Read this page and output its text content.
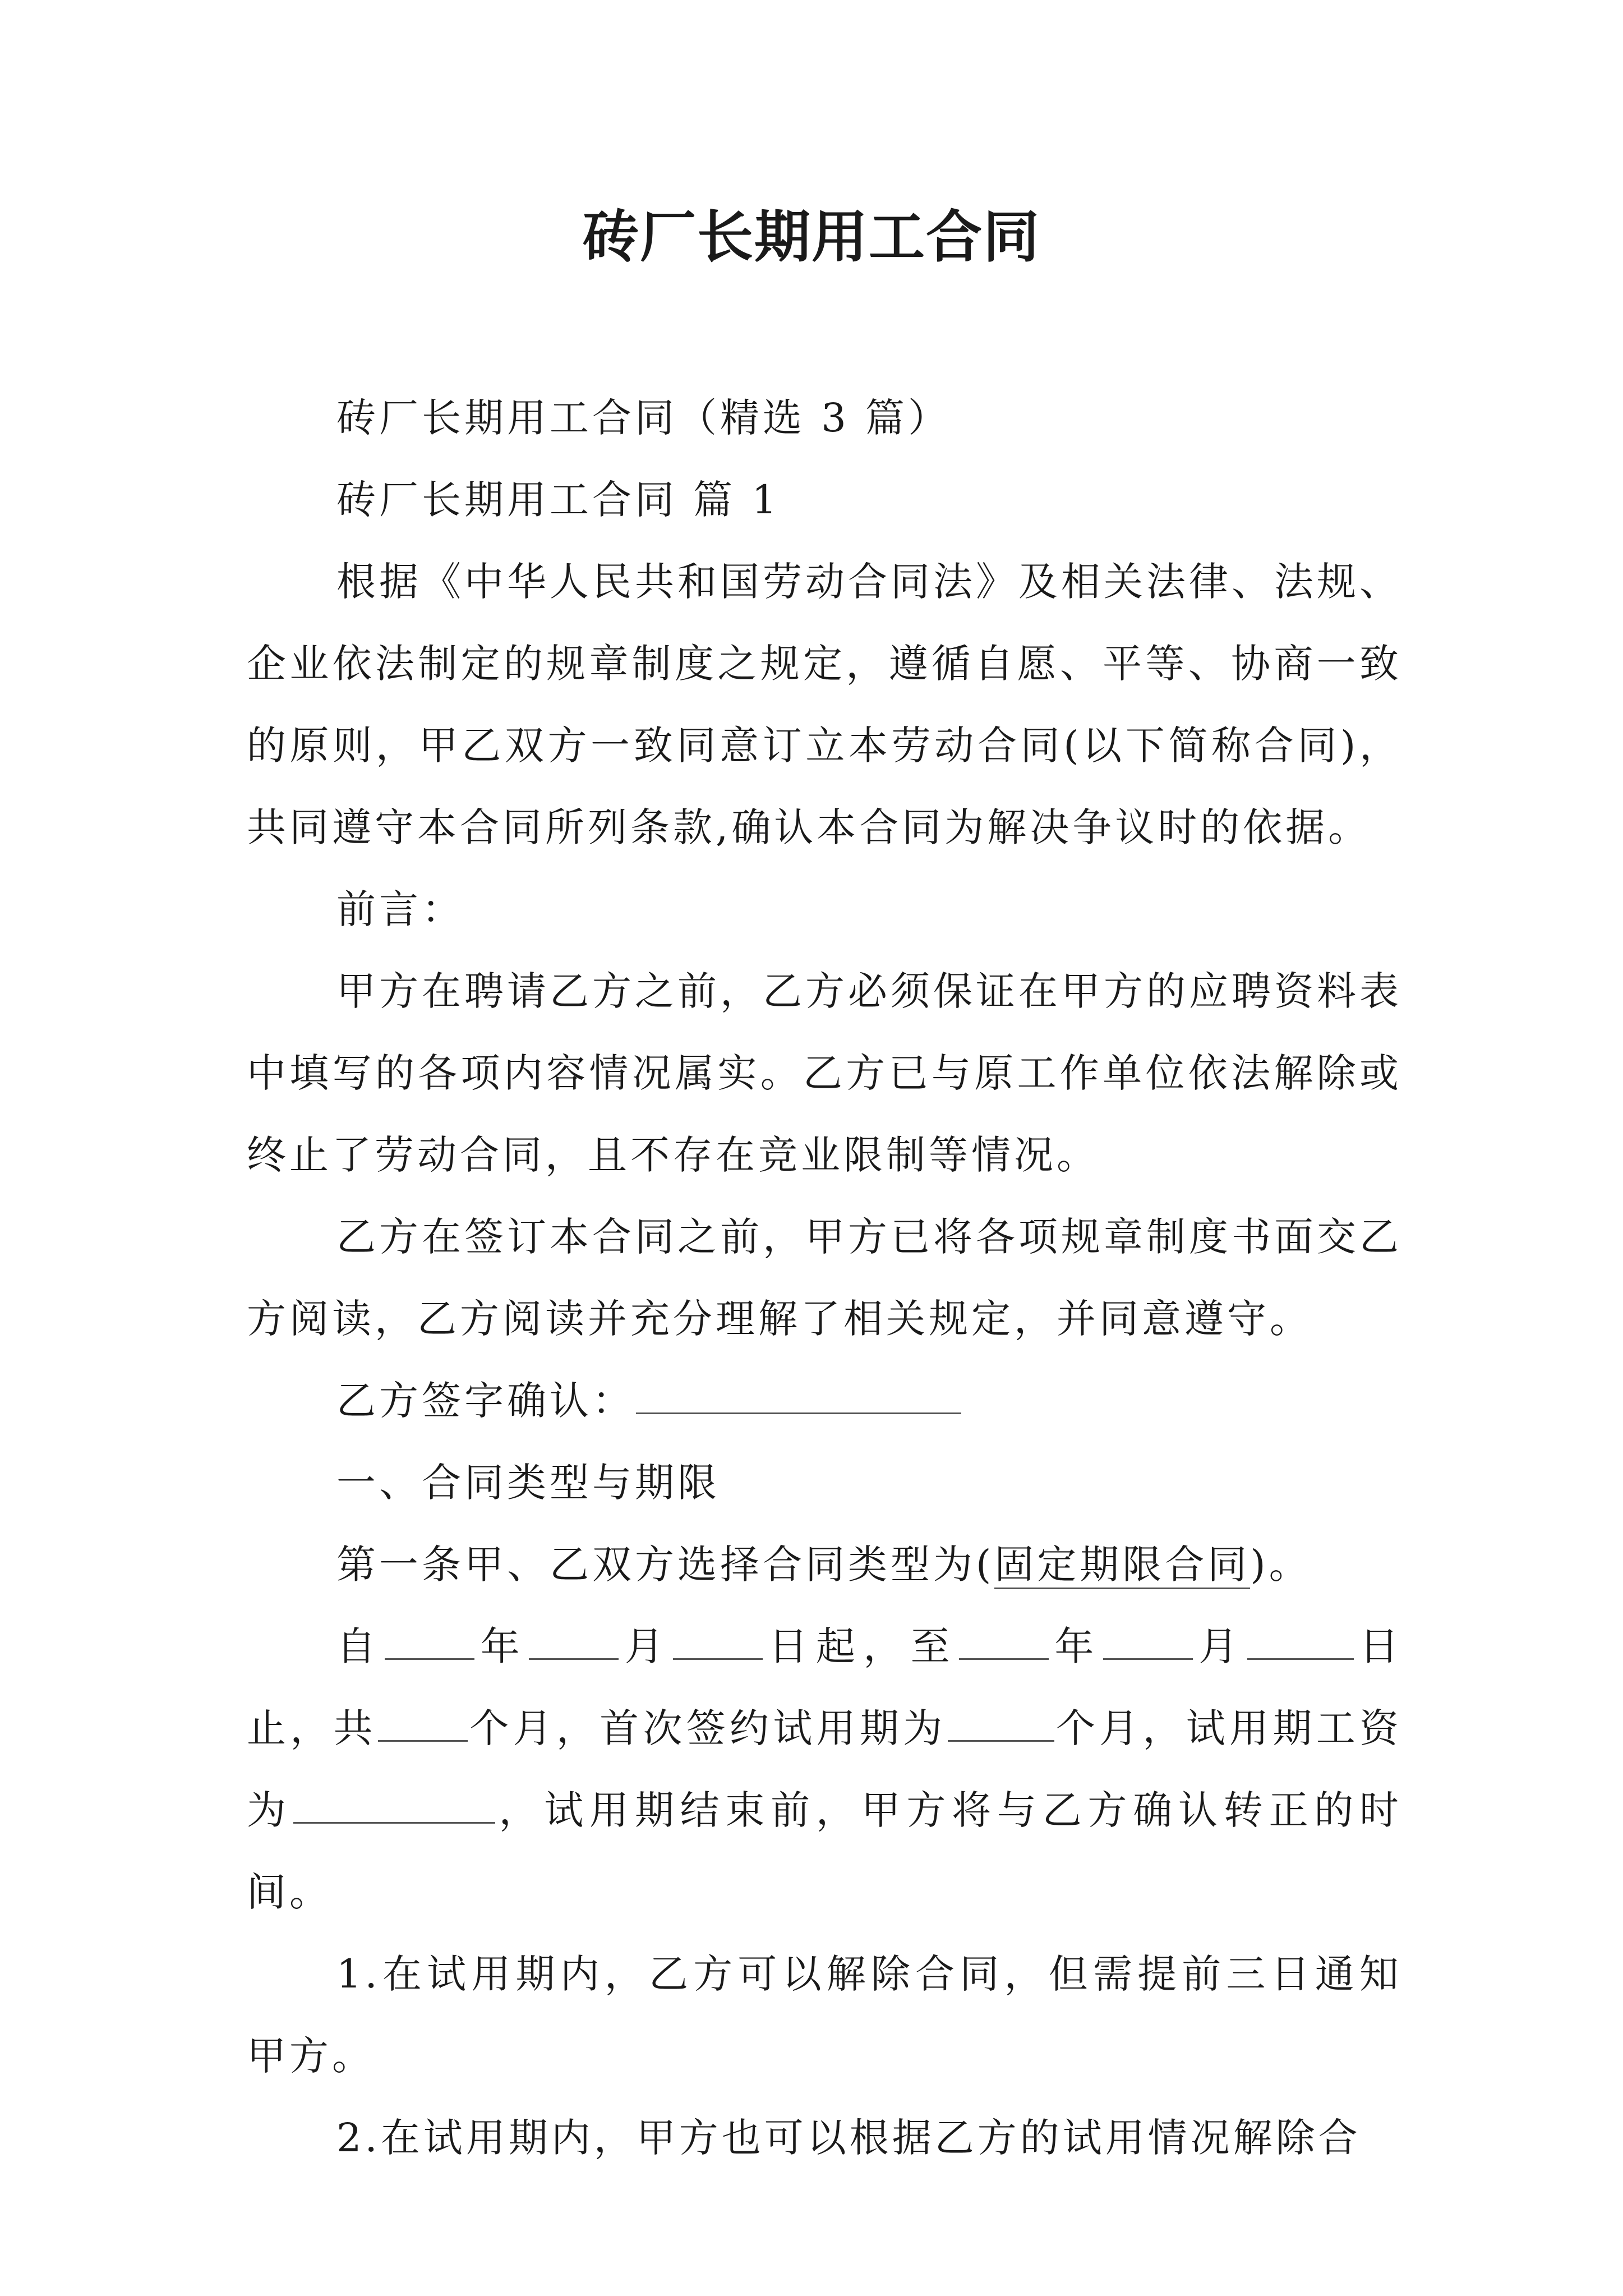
砖厂长期用工合同

砖厂长期用工合同（精选 3 篇）

砖厂长期用工合同 篇 1

根据《中华人民共和国劳动合同法》及相关法律、法规、企业依法制定的规章制度之规定，遵循自愿、平等、协商一致的原则，甲乙双方一致同意订立本劳动合同(以下简称合同)，共同遵守本合同所列条款,确认本合同为解决争议时的依据。

前言：

甲方在聘请乙方之前，乙方必须保证在甲方的应聘资料表中填写的各项内容情况属实。乙方已与原工作单位依法解除或终止了劳动合同，且不存在竞业限制等情况。

乙方在签订本合同之前，甲方已将各项规章制度书面交乙方阅读，乙方阅读并充分理解了相关规定，并同意遵守。

乙方签字确认：

一、合同类型与期限

第一条甲、乙双方选择合同类型为(固定期限合同)。

自 年 月 日起，至 年 月	日止，共 个月，首次签约试用期为	个月，试用期工资为	，试用期结束前，甲方将与乙方确认转正的时间。

1.在试用期内，乙方可以解除合同，但需提前三日通知甲方。

2.在试用期内，甲方也可以根据乙方的试用情况解除合
